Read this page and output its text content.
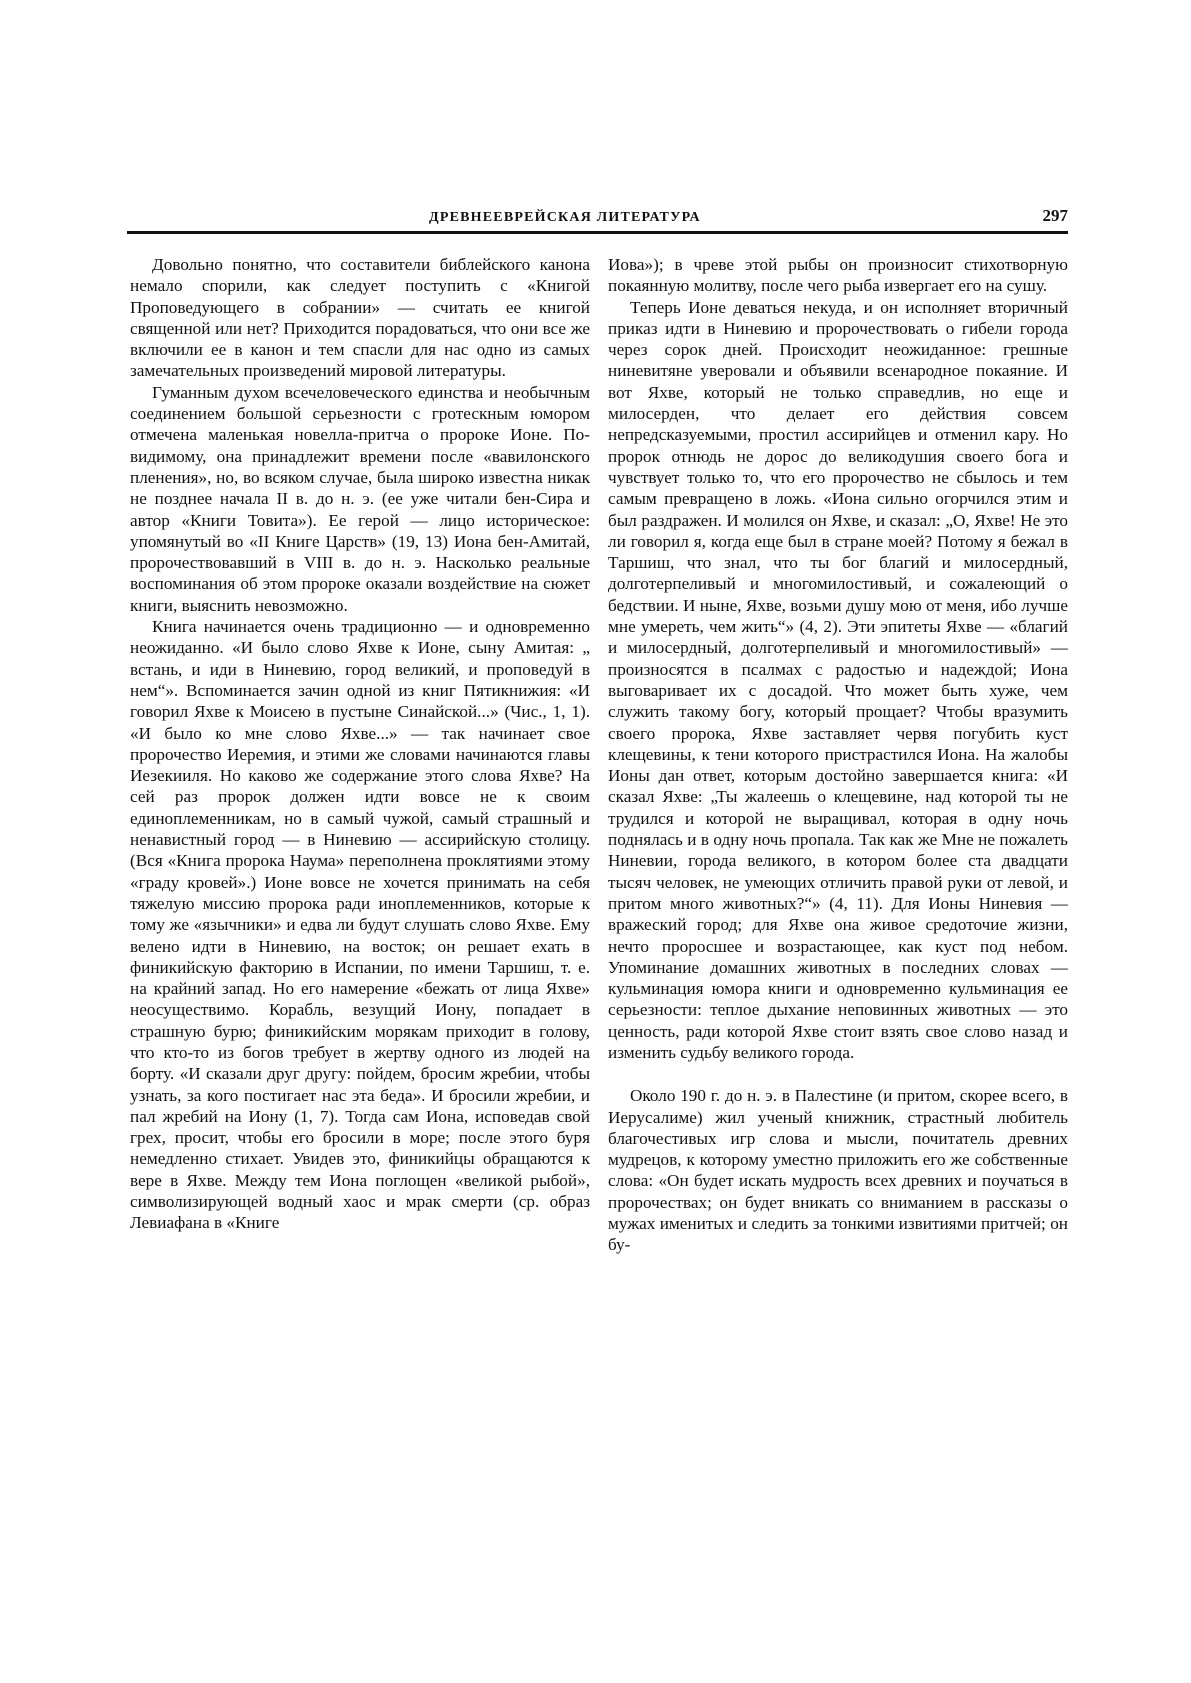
ДРЕВНЕЕВРЕЙСКАЯ ЛИТЕРАТУРА	297

Довольно понятно, что составители библейского канона немало спорили, как следует поступить с «Книгой Проповедующего в собрании» — считать ее книгой священной или нет? Приходится порадоваться, что они все же включили ее в канон и тем спасли для нас одно из самых замечательных произведений мировой литературы.

Гуманным духом всечеловеческого единства и необычным соединением большой серьезности с гротескным юмором отмечена маленькая новелла-притча о пророке Ионе. По-видимому, она принадлежит времени после «вавилонского пленения», но, во всяком случае, была широко известна никак не позднее начала II в. до н. э. (ее уже читали бен-Сира и автор «Книги Товита»). Ее герой — лицо историческое: упомянутый во «II Книге Царств» (19, 13) Иона бен-Амитай, пророчествовавший в VIII в. до н. э. Насколько реальные воспоминания об этом пророке оказали воздействие на сюжет книги, выяснить невозможно.

Книга начинается очень традиционно — и одновременно неожиданно. «И было слово Яхве к Ионе, сыну Амитая: „ встань, и иди в Ниневию, город великий, и проповедуй в нем“». Вспоминается зачин одной из книг Пятикнижия: «И говорил Яхве к Моисею в пустыне Синайской...» (Чис., 1, 1). «И было ко мне слово Яхве...» — так начинает свое пророчество Иеремия, и этими же словами начинаются главы Иезекииля. Но каково же содержание этого слова Яхве? На сей раз пророк должен идти вовсе не к своим единоплеменникам, но в самый чужой, самый страшный и ненавистный город — в Ниневию — ассирийскую столицу. (Вся «Книга пророка Наума» переполнена проклятиями этому «граду кровей».) Ионе вовсе не хочется принимать на себя тяжелую миссию пророка ради иноплеменников, которые к тому же «язычники» и едва ли будут слушать слово Яхве. Ему велено идти в Ниневию, на восток; он решает ехать в финикийскую факторию в Испании, по имени Таршиш, т. е. на крайний запад. Но его намерение «бежать от лица Яхве» неосуществимо. Корабль, везущий Иону, попадает в страшную бурю; финикийским морякам приходит в голову, что кто-то из богов требует в жертву одного из людей на борту. «И сказали друг другу: пойдем, бросим жребии, чтобы узнать, за кого постигает нас эта беда». И бросили жребии, и пал жребий на Иону (1, 7). Тогда сам Иона, исповедав свой грех, просит, чтобы его бросили в море; после этого буря немедленно стихает. Увидев это, финикийцы обращаются к вере в Яхве. Между тем Иона поглощен «великой рыбой», символизирующей водный хаос и мрак смерти (ср. образ Левиафана в «Книге

Иова»); в чреве этой рыбы он произносит стихотворную покаянную молитву, после чего рыба извергает его на сушу.

Теперь Ионе деваться некуда, и он исполняет вторичный приказ идти в Ниневию и пророчествовать о гибели города через сорок дней. Происходит неожиданное: грешные ниневитяне уверовали и объявили всенародное покаяние. И вот Яхве, который не только справедлив, но еще и милосерден, что делает его действия совсем непредсказуемыми, простил ассирийцев и отменил кару. Но пророк отнюдь не дорос до великодушия своего бога и чувствует только то, что его пророчество не сбылось и тем самым превращено в ложь. «Иона сильно огорчился этим и был раздражен. И молился он Яхве, и сказал: „О, Яхве! Не это ли говорил я, когда еще был в стране моей? Потому я бежал в Таршиш, что знал, что ты бог благий и милосердный, долготерпеливый и многомилостивый, и сожалеющий о бедствии. И ныне, Яхве, возьми душу мою от меня, ибо лучше мне умереть, чем жить“» (4, 2). Эти эпитеты Яхве — «благий и милосердный, долготерпеливый и многомилостивый» — произносятся в псалмах с радостью и надеждой; Иона выговаривает их с досадой. Что может быть хуже, чем служить такому богу, который прощает? Чтобы вразумить своего пророка, Яхве заставляет червя погубить куст клещевины, к тени которого пристрастился Иона. На жалобы Ионы дан ответ, которым достойно завершается книга: «И сказал Яхве: „Ты жалеешь о клещевине, над которой ты не трудился и которой не выращивал, которая в одну ночь поднялась и в одну ночь пропала. Так как же Мне не пожалеть Ниневии, города великого, в котором более ста двадцати тысяч человек, не умеющих отличить правой руки от левой, и притом много животных?“» (4, 11). Для Ионы Ниневия — вражеский город; для Яхве она живое средоточие жизни, нечто проросшее и возрастающее, как куст под небом. Упоминание домашних животных в последних словах — кульминация юмора книги и одновременно кульминация ее серьезности: теплое дыхание неповинных животных — это ценность, ради которой Яхве стоит взять свое слово назад и изменить судьбу великого города.

Около 190 г. до н. э. в Палестине (и притом, скорее всего, в Иерусалиме) жил ученый книжник, страстный любитель благочестивых игр слова и мысли, почитатель древних мудрецов, к которому уместно приложить его же собственные слова: «Он будет искать мудрость всех древних и поучаться в пророчествах; он будет вникать со вниманием в рассказы о мужах именитых и следить за тонкими извитиями притчей; он бу-
